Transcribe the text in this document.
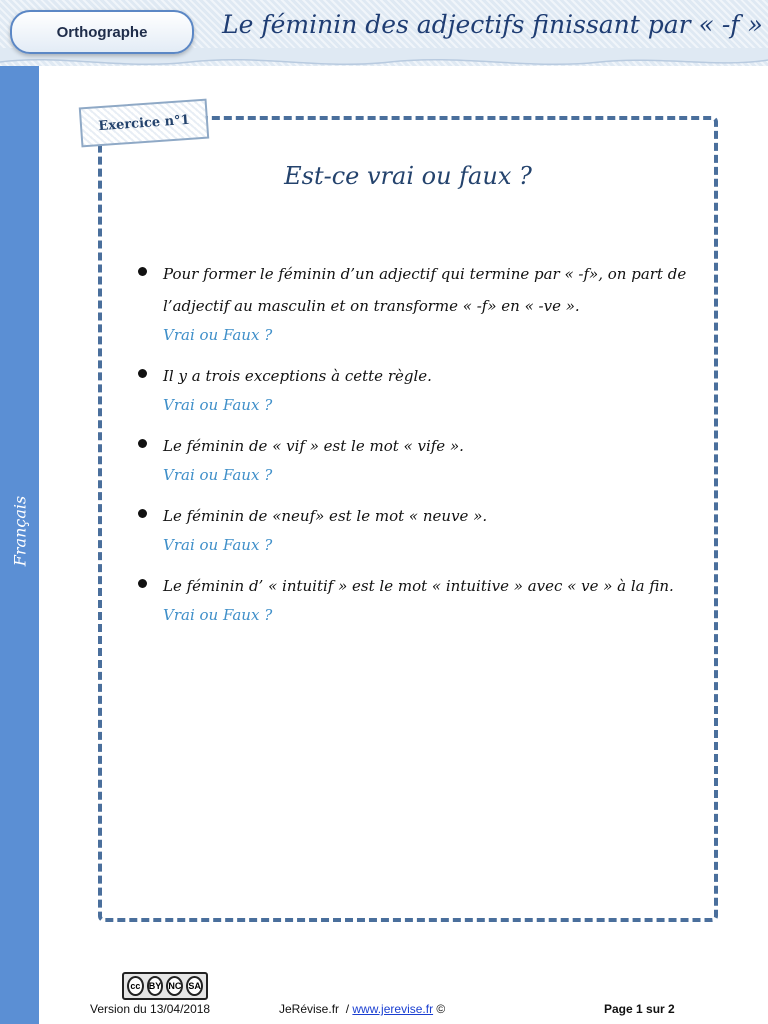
Orthographe	Le féminin des adjectifs finissant par « -f »
Français
Exercice n°1
Est-ce vrai ou faux ?
Pour former le féminin d’un adjectif qui termine par « -f», on part de l’adjectif au masculin et on transforme « -f» en « -ve ».
Vrai ou Faux ?
Il y a trois exceptions à cette règle.
Vrai ou Faux ?
Le féminin de « vif » est le mot « vife ».
Vrai ou Faux ?
Le féminin de «neuf» est le mot « neuve ».
Vrai ou Faux ?
Le féminin d’ « intuitif » est le mot « intuitive » avec « ve » à la fin.
Vrai ou Faux ?
cc BY NC SA
Version du 13/04/2018	JeRévise.fr / www.jerevise.fr ©	Page 1 sur 2
